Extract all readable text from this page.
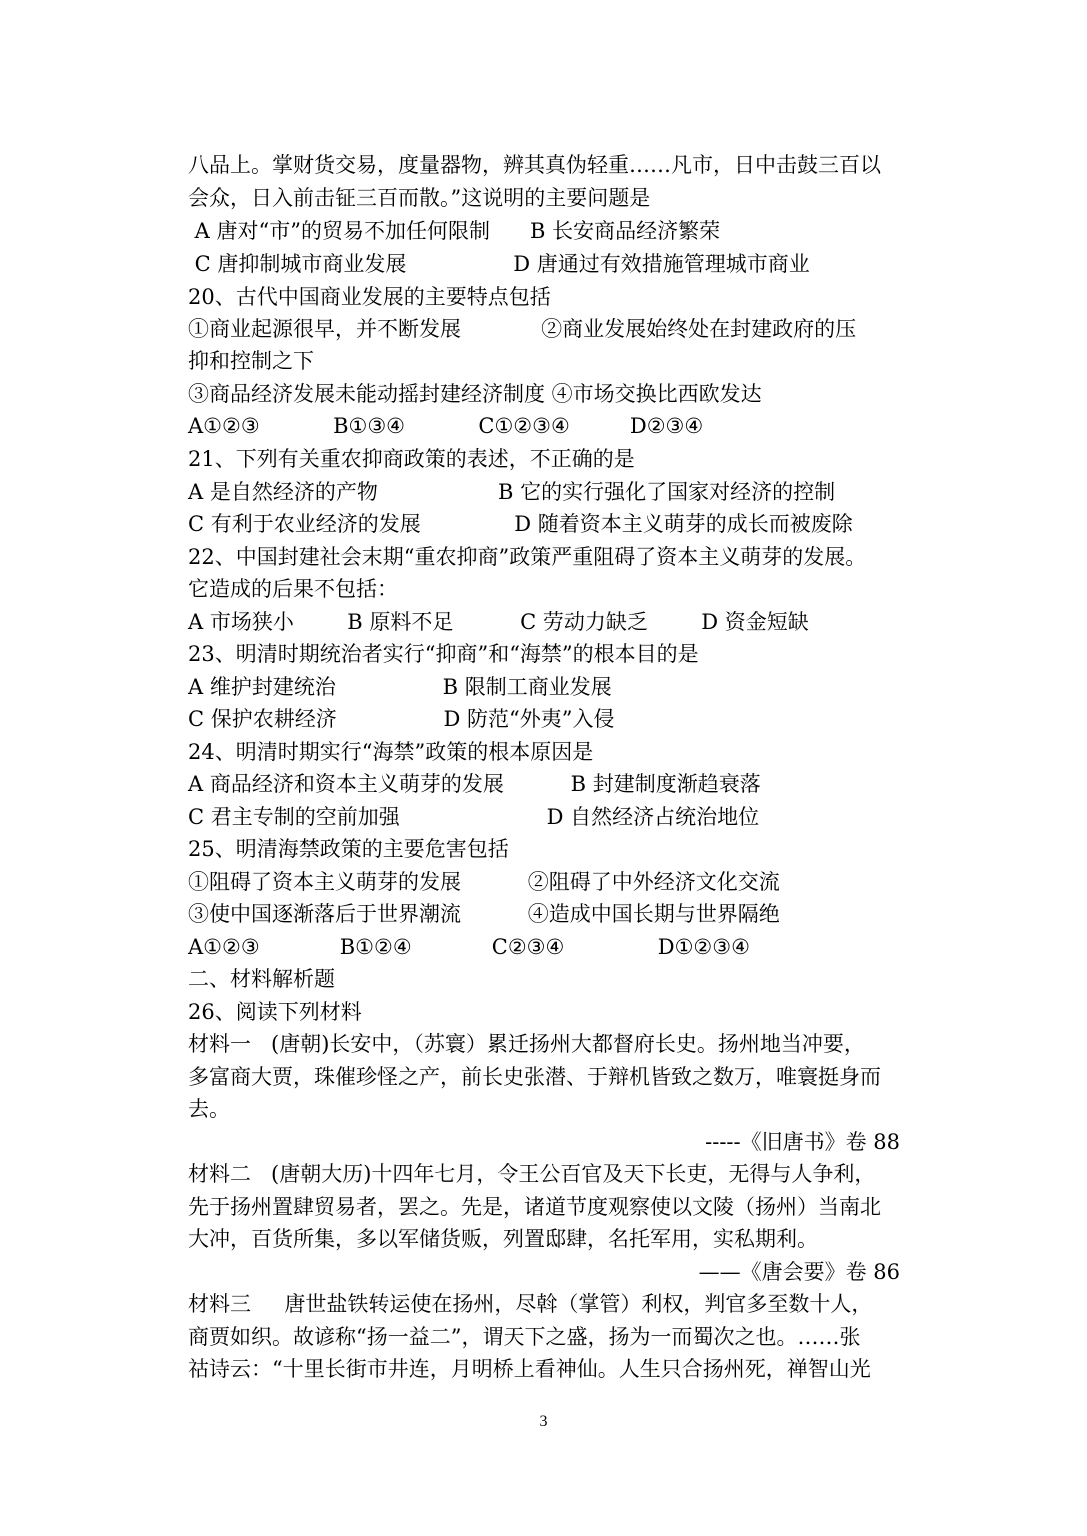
八品上。掌财货交易，度量器物，辨其真伪轻重……凡市，日中击鼓三百以
会众，日入前击钲三百而散。”这说明的主要问题是
A 唐对“市”的贸易不加任何限制      B 长安商品经济繁荣
C 唐抑制城市商业发展                D 唐通过有效措施管理城市商业
20、古代中国商业发展的主要特点包括
①商业起源很早，并不断发展            ②商业发展始终处在封建政府的压
抑和控制之下
③商品经济发展未能动摇封建经济制度 ④市场交换比西欧发达
A①②③           B①③④           C①②③④         D②③④
21、下列有关重农抑商政策的表述，不正确的是
A 是自然经济的产物                  B 它的实行强化了国家对经济的控制
C 有利于农业经济的发展              D 随着资本主义萌芽的成长而被废除
22、中国封建社会末期“重农抑商”政策严重阻碍了资本主义萌芽的发展。
它造成的后果不包括：
A 市场狭小        B 原料不足          C 劳动力缺乏        D 资金短缺
23、明清时期统治者实行“抑商”和“海禁”的根本目的是
A 维护封建统治                B 限制工商业发展
C 保护农耕经济                D 防范“外夷”入侵
24、明清时期实行“海禁”政策的根本原因是
A 商品经济和资本主义萌芽的发展          B 封建制度渐趋衰落
C 君主专制的空前加强                      D 自然经济占统治地位
25、明清海禁政策的主要危害包括
①阻碍了资本主义萌芽的发展          ②阻碍了中外经济文化交流
③使中国逐渐落后于世界潮流          ④造成中国长期与世界隔绝
A①②③            B①②④            C②③④              D①②③④
二、材料解析题
26、阅读下列材料
材料一   (唐朝)长安中，（苏寰）累迁扬州大都督府长史。扬州地当冲要，
多富商大贾，珠催珍怪之产，前长史张潜、于辩机皆致之数万，唯寰挺身而
去。
-----《旧唐书》卷 88
材料二   (唐朝大历)十四年七月，令王公百官及天下长吏，无得与人争利，
先于扬州置肆贸易者，罢之。先是，诸道节度观察使以文陵（扬州）当南北
大冲，百货所集，多以军储货贩，列置邸肆，名托军用，实私期利。
——《唐会要》卷 86
材料三     唐世盐铁转运使在扬州，尽斡（掌管）利权，判官多至数十人，
商贾如织。故谚称“扬一益二”，谓天下之盛，扬为一而蜀次之也。……张
祜诗云：“十里长街市井连，月明桥上看神仙。人生只合扬州死，禅智山光
3
